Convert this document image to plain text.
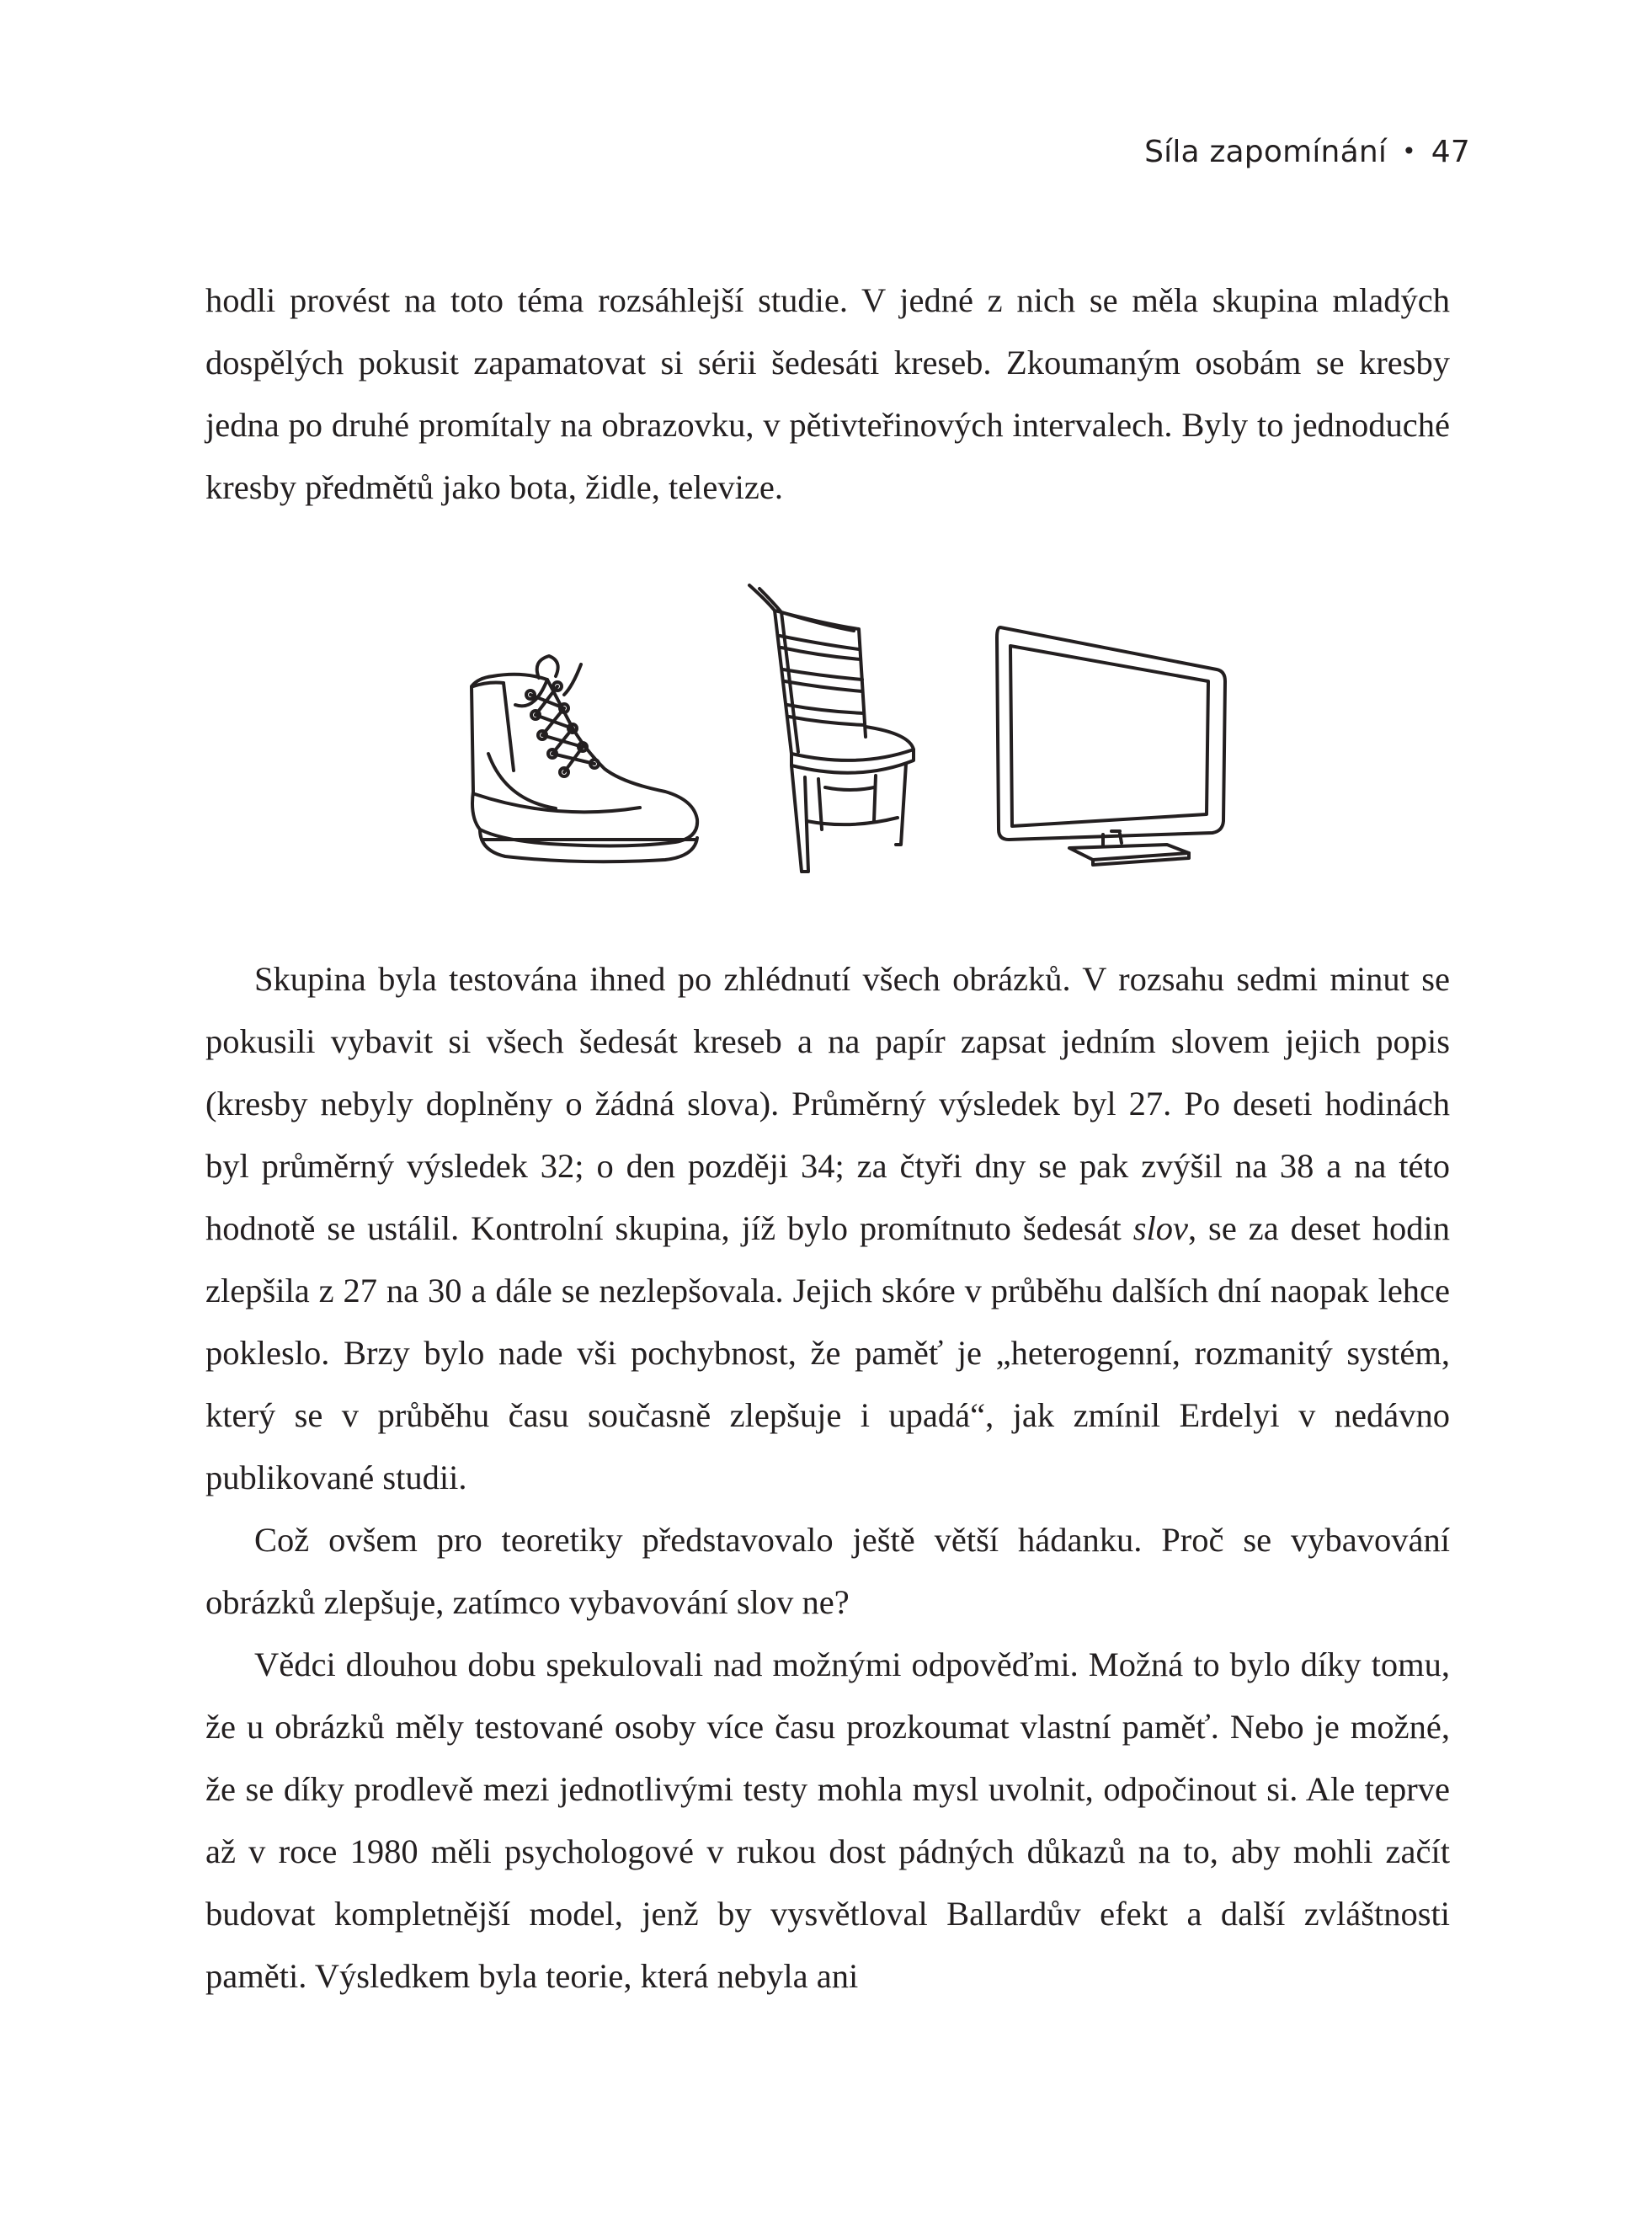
Síla zapomínání • 47

hodli provést na toto téma rozsáhlejší studie. V jedné z nich se měla skupina mladých dospělých pokusit zapamatovat si sérii šedesáti kreseb. Zkoumaným osobám se kresby jedna po druhé promítaly na obrazovku, v pětivteřinových intervalech. Byly to jednoduché kresby předmětů jako bota, židle, televize.

Skupina byla testována ihned po zhlédnutí všech obrázků. V rozsahu sedmi minut se pokusili vybavit si všech šedesát kreseb a na papír zapsat jedním slovem jejich popis (kresby nebyly doplněny o žádná slova). Průměrný výsledek byl 27. Po deseti hodinách byl průměrný výsledek 32; o den později 34; za čtyři dny se pak zvýšil na 38 a na této hodnotě se ustálil. Kontrolní skupina, jíž bylo promítnuto šedesát slov, se za deset hodin zlepšila z 27 na 30 a dále se nezlepšovala. Jejich skóre v průběhu dalších dní naopak lehce pokleslo. Brzy bylo nade vši pochybnost, že paměť je „heterogenní, rozmanitý systém, který se v průběhu času současně zlepšuje i upadá“, jak zmínil Erdelyi v nedávno publikované studii.

Což ovšem pro teoretiky představovalo ještě větší hádanku. Proč se vybavování obrázků zlepšuje, zatímco vybavování slov ne?

Vědci dlouhou dobu spekulovali nad možnými odpověďmi. Možná to bylo díky tomu, že u obrázků měly testované osoby více času prozkoumat vlastní paměť. Nebo je možné, že se díky prodlevě mezi jednotlivými testy mohla mysl uvolnit, odpočinout si. Ale teprve až v roce 1980 měli psychologové v rukou dost pádných důkazů na to, aby mohli začít budovat kompletnější model, jenž by vysvětloval Ballardův efekt a další zvláštnosti paměti. Výsledkem byla teorie, která nebyla ani
